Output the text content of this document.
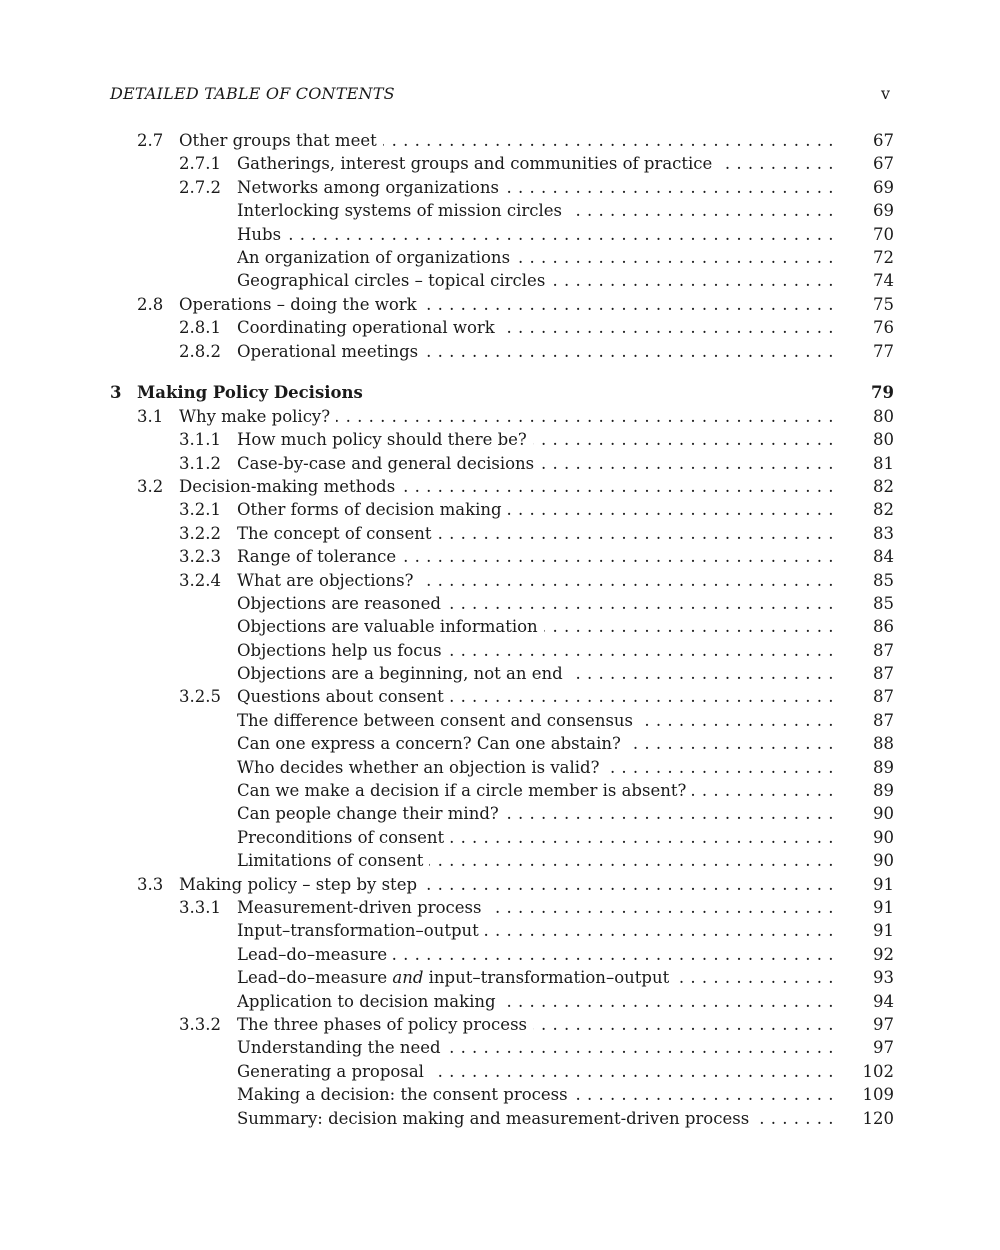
DETAILED TABLE OF CONTENTS	v
2.7 Other groups that meet . . .	67
2.7.1 Gatherings, interest groups and communities of practice . . .	67
2.7.2 Networks among organizations . . .	69
Interlocking systems of mission circles . . .	69
Hubs . . .	70
An organization of organizations . . .	72
Geographical circles – topical circles . . .	74
2.8 Operations – doing the work . . .	75
2.8.1 Coordinating operational work . . .	76
2.8.2 Operational meetings . . .	77
3 Making Policy Decisions	79
3.1 Why make policy? . . .	80
3.1.1 How much policy should there be? . . .	80
3.1.2 Case-by-case and general decisions . . .	81
3.2 Decision-making methods . . .	82
3.2.1 Other forms of decision making . . .	82
3.2.2 The concept of consent . . .	83
3.2.3 Range of tolerance . . .	84
3.2.4 What are objections? . . .	85
Objections are reasoned . . .	85
Objections are valuable information . . .	86
Objections help us focus . . .	87
Objections are a beginning, not an end . . .	87
3.2.5 Questions about consent . . .	87
The difference between consent and consensus . . .	87
Can one express a concern? Can one abstain? . . .	88
Who decides whether an objection is valid? . . .	89
Can we make a decision if a circle member is absent? . . .	89
Can people change their mind? . . .	90
Preconditions of consent . . .	90
Limitations of consent . . .	90
3.3 Making policy – step by step . . .	91
3.3.1 Measurement-driven process . . .	91
Input–transformation–output . . .	91
Lead–do–measure . . .	92
Lead–do–measure and input–transformation–output . . .	93
Application to decision making . . .	94
3.3.2 The three phases of policy process . . .	97
Understanding the need . . .	97
Generating a proposal . . .	102
Making a decision: the consent process . . .	109
Summary: decision making and measurement-driven process . . .	120
